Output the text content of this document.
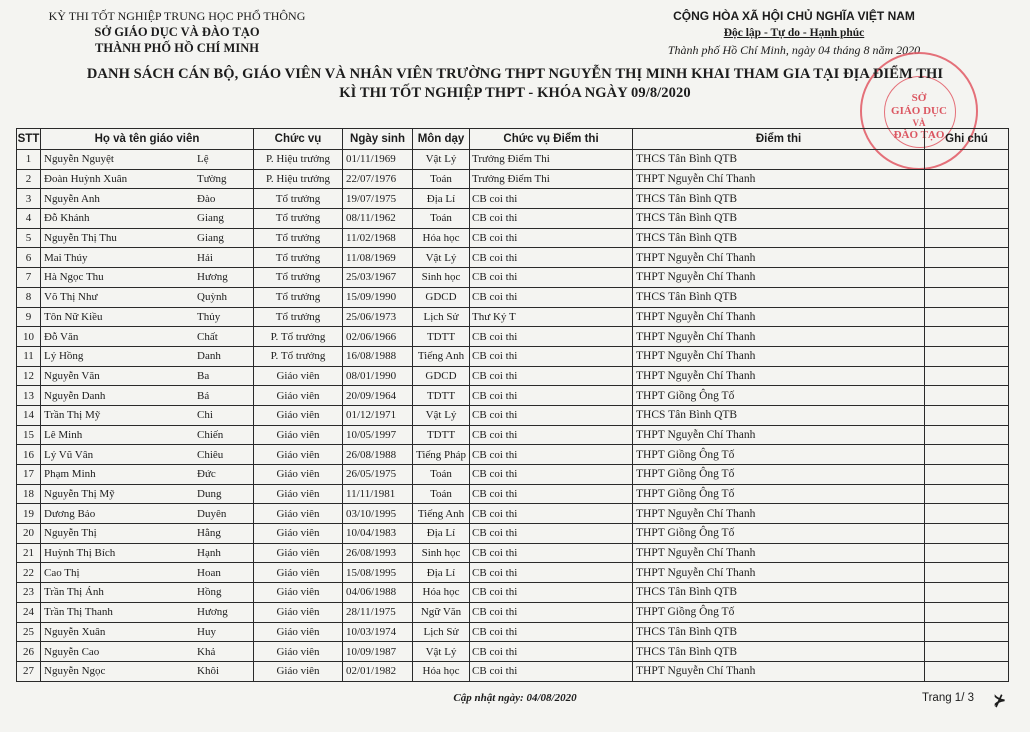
KỲ THI TỐT NGHIỆP TRUNG HỌC PHỔ THÔNG
SỞ GIÁO DỤC VÀ ĐÀO TẠO
THÀNH PHỐ HỒ CHÍ MINH
CỘNG HÒA XÃ HỘI CHỦ NGHĨA VIỆT NAM
Độc lập - Tự do - Hạnh phúc
Thành phố Hồ Chí Minh, ngày 04 tháng 8 năm 2020
SỞ
GIÁO DỤC
VÀ
ĐÀO TẠO
DANH SÁCH CÁN BỘ, GIÁO VIÊN VÀ NHÂN VIÊN TRƯỜNG THPT NGUYỄN THỊ MINH KHAI THAM GIA TẠI ĐỊA ĐIỂM THI
KÌ THI TỐT NGHIỆP THPT - KHÓA NGÀY 09/8/2020
STT	Họ và tên giáo viên	Chức vụ	Ngày sinh	Môn dạy	Chức vụ Điểm thi	Điểm thi	Ghi chú
1	Nguyễn Nguyệt Lệ	P. Hiệu trưởng	01/11/1969	Vật Lý	Trưởng Điểm Thi	THCS Tân Bình QTB	
2	Đoàn Huỳnh Xuân Tường	P. Hiệu trưởng	22/07/1976	Toán	Trưởng Điểm Thi	THPT Nguyễn Chí Thanh	
3	Nguyễn Anh Đào	Tổ trưởng	19/07/1975	Địa Lí	CB coi thi	THCS Tân Bình QTB	
4	Đỗ Khánh Giang	Tổ trưởng	08/11/1962	Toán	CB coi thi	THCS Tân Bình QTB	
5	Nguyễn Thị Thu Giang	Tổ trưởng	11/02/1968	Hóa học	CB coi thi	THCS Tân Bình QTB	
6	Mai Thúy Hải	Tổ trưởng	11/08/1969	Vật Lý	CB coi thi	THPT Nguyễn Chí Thanh	
7	Hà Ngọc Thu Hương	Tổ trưởng	25/03/1967	Sinh học	CB coi thi	THPT Nguyễn Chí Thanh	
8	Võ Thị Như Quỳnh	Tổ trưởng	15/09/1990	GDCD	CB coi thi	THCS Tân Bình QTB	
9	Tôn Nữ Kiều Thủy	Tổ trưởng	25/06/1973	Lịch Sử	Thư Ký T	THPT Nguyễn Chí Thanh	
10	Đỗ Văn Chất	P. Tổ trưởng	02/06/1966	TDTT	CB coi thi	THPT Nguyễn Chí Thanh	
11	Lý Hồng Danh	P. Tổ trưởng	16/08/1988	Tiếng Anh	CB coi thi	THPT Nguyễn Chí Thanh	
12	Nguyễn Văn Ba	Giáo viên	08/01/1990	GDCD	CB coi thi	THPT Nguyễn Chí Thanh	
13	Nguyễn Danh Bá	Giáo viên	20/09/1964	TDTT	CB coi thi	THPT Giồng Ông Tố	
14	Trần Thị Mỹ Chi	Giáo viên	01/12/1971	Vật Lý	CB coi thi	THCS Tân Bình QTB	
15	Lê Minh Chiến	Giáo viên	10/05/1997	TDTT	CB coi thi	THPT Nguyễn Chí Thanh	
16	Lý Vũ Vân Chiêu	Giáo viên	26/08/1988	Tiếng Pháp	CB coi thi	THPT Giồng Ông Tố	
17	Phạm Minh Đức	Giáo viên	26/05/1975	Toán	CB coi thi	THPT Giồng Ông Tố	
18	Nguyễn Thị Mỹ Dung	Giáo viên	11/11/1981	Toán	CB coi thi	THPT Giồng Ông Tố	
19	Dương Bảo Duyên	Giáo viên	03/10/1995	Tiếng Anh	CB coi thi	THPT Nguyễn Chí Thanh	
20	Nguyễn Thị Hằng	Giáo viên	10/04/1983	Địa Lí	CB coi thi	THPT Giồng Ông Tố	
21	Huỳnh Thị Bích Hạnh	Giáo viên	26/08/1993	Sinh học	CB coi thi	THPT Nguyễn Chí Thanh	
22	Cao Thị Hoan	Giáo viên	15/08/1995	Địa Lí	CB coi thi	THPT Nguyễn Chí Thanh	
23	Trần Thị Ánh Hồng	Giáo viên	04/06/1988	Hóa học	CB coi thi	THCS Tân Bình QTB	
24	Trần Thị Thanh Hương	Giáo viên	28/11/1975	Ngữ Văn	CB coi thi	THPT Giồng Ông Tố	
25	Nguyễn Xuân Huy	Giáo viên	10/03/1974	Lịch Sử	CB coi thi	THCS Tân Bình QTB	
26	Nguyễn Cao Khả	Giáo viên	10/09/1987	Vật Lý	CB coi thi	THCS Tân Bình QTB	
27	Nguyễn Ngọc Khôi	Giáo viên	02/01/1982	Hóa học	CB coi thi	THPT Nguyễn Chí Thanh	
Cập nhật ngày: 04/08/2020	Trang 1/ 3 ⊁
